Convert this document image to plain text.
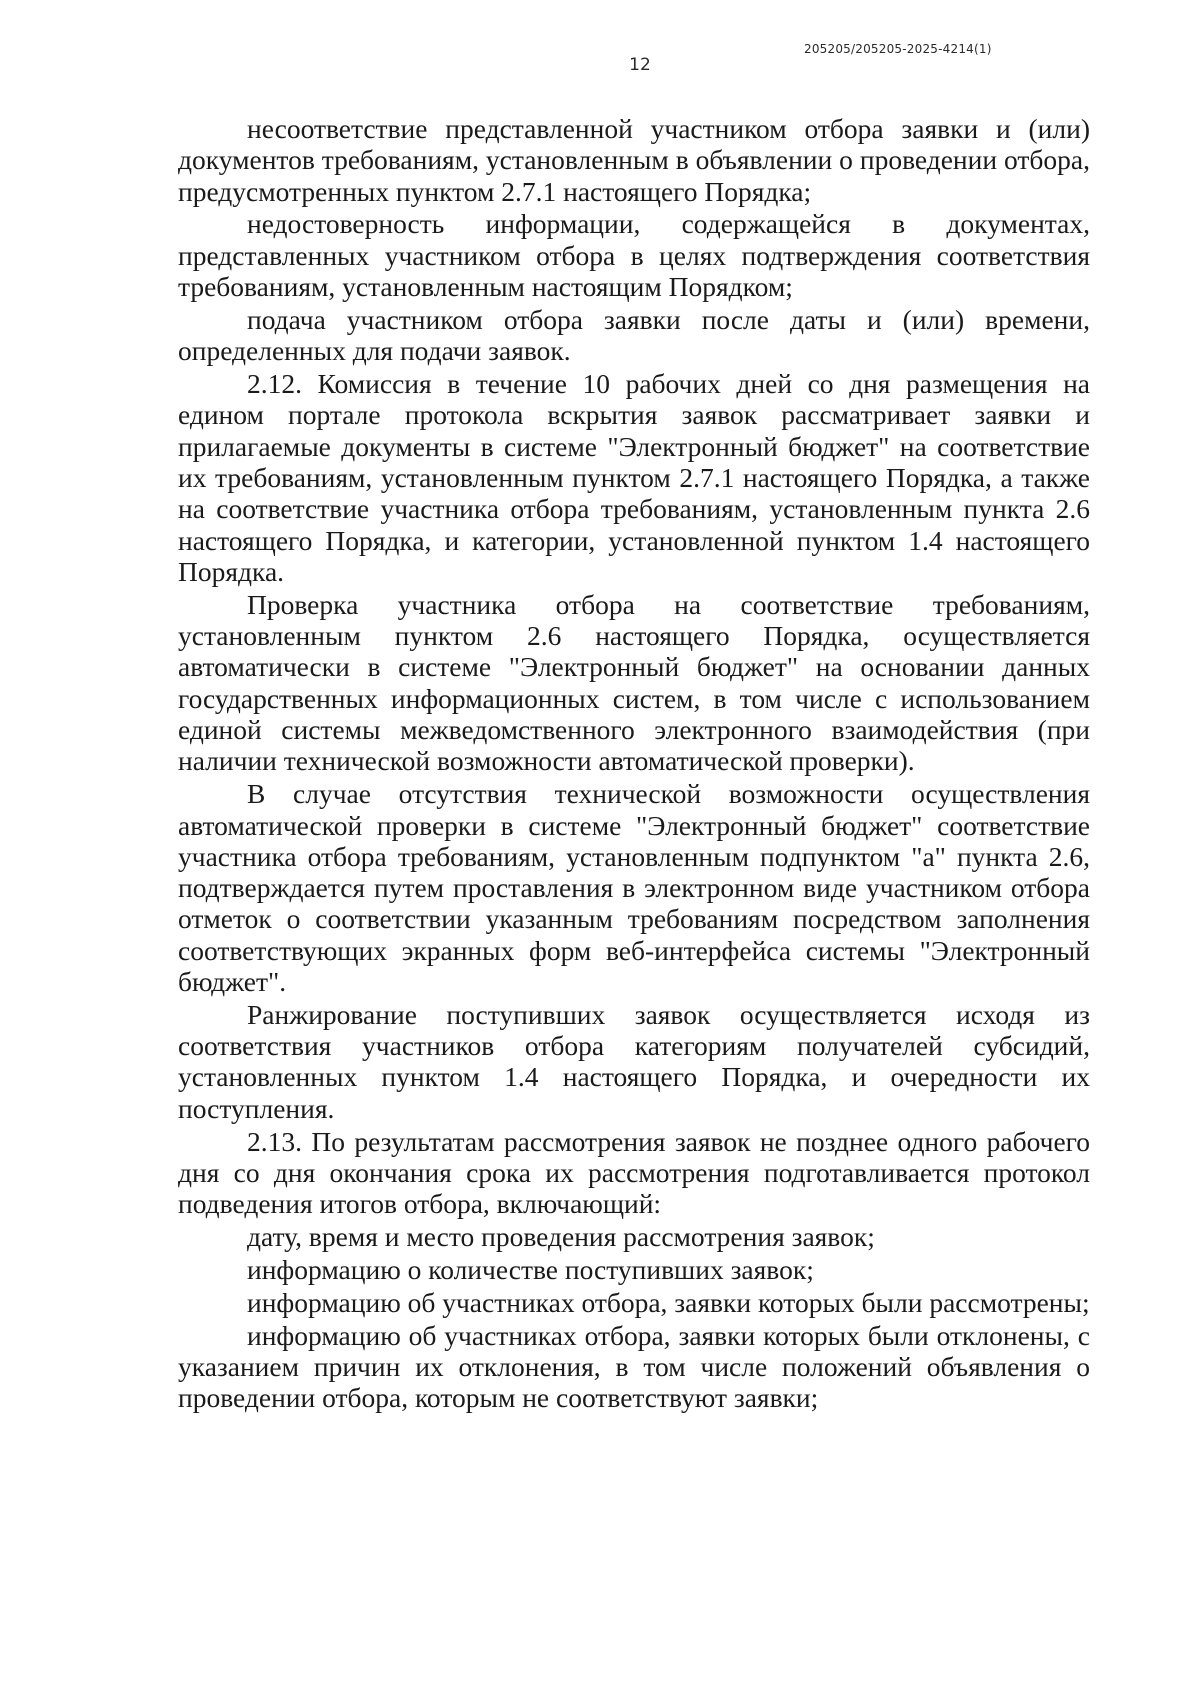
205205/205205-2025-4214(1)
12

несоответствие представленной участником отбора заявки и (или) документов требованиям, установленным в объявлении о проведении отбора, предусмотренных пунктом 2.7.1 настоящего Порядка;

недостоверность информации, содержащейся в документах, представленных участником отбора в целях подтверждения соответствия требованиям, установленным настоящим Порядком;

подача участником отбора заявки после даты и (или) времени, определенных для подачи заявок.

2.12. Комиссия в течение 10 рабочих дней со дня размещения на едином портале протокола вскрытия заявок рассматривает заявки и прилагаемые документы в системе "Электронный бюджет" на соответствие их требованиям, установленным пунктом 2.7.1 настоящего Порядка, а также на соответствие участника отбора требованиям, установленным пункта 2.6 настоящего Порядка, и категории, установленной пунктом 1.4 настоящего Порядка.

Проверка участника отбора на соответствие требованиям, установленным пунктом 2.6 настоящего Порядка, осуществляется автоматически в системе "Электронный бюджет" на основании данных государственных информационных систем, в том числе с использованием единой системы межведомственного электронного взаимодействия (при наличии технической возможности автоматической проверки).

В случае отсутствия технической возможности осуществления автоматической проверки в системе "Электронный бюджет" соответствие участника отбора требованиям, установленным подпунктом "а" пункта 2.6, подтверждается путем проставления в электронном виде участником отбора отметок о соответствии указанным требованиям посредством заполнения соответствующих экранных форм веб-интерфейса системы "Электронный бюджет".

Ранжирование поступивших заявок осуществляется исходя из соответствия участников отбора категориям получателей субсидий, установленных пунктом 1.4 настоящего Порядка, и очередности их поступления.

2.13. По результатам рассмотрения заявок не позднее одного рабочего дня со дня окончания срока их рассмотрения подготавливается протокол подведения итогов отбора, включающий:

дату, время и место проведения рассмотрения заявок;

информацию о количестве поступивших заявок;

информацию об участниках отбора, заявки которых были рассмотрены;

информацию об участниках отбора, заявки которых были отклонены, с указанием причин их отклонения, в том числе положений объявления о проведении отбора, которым не соответствуют заявки;
